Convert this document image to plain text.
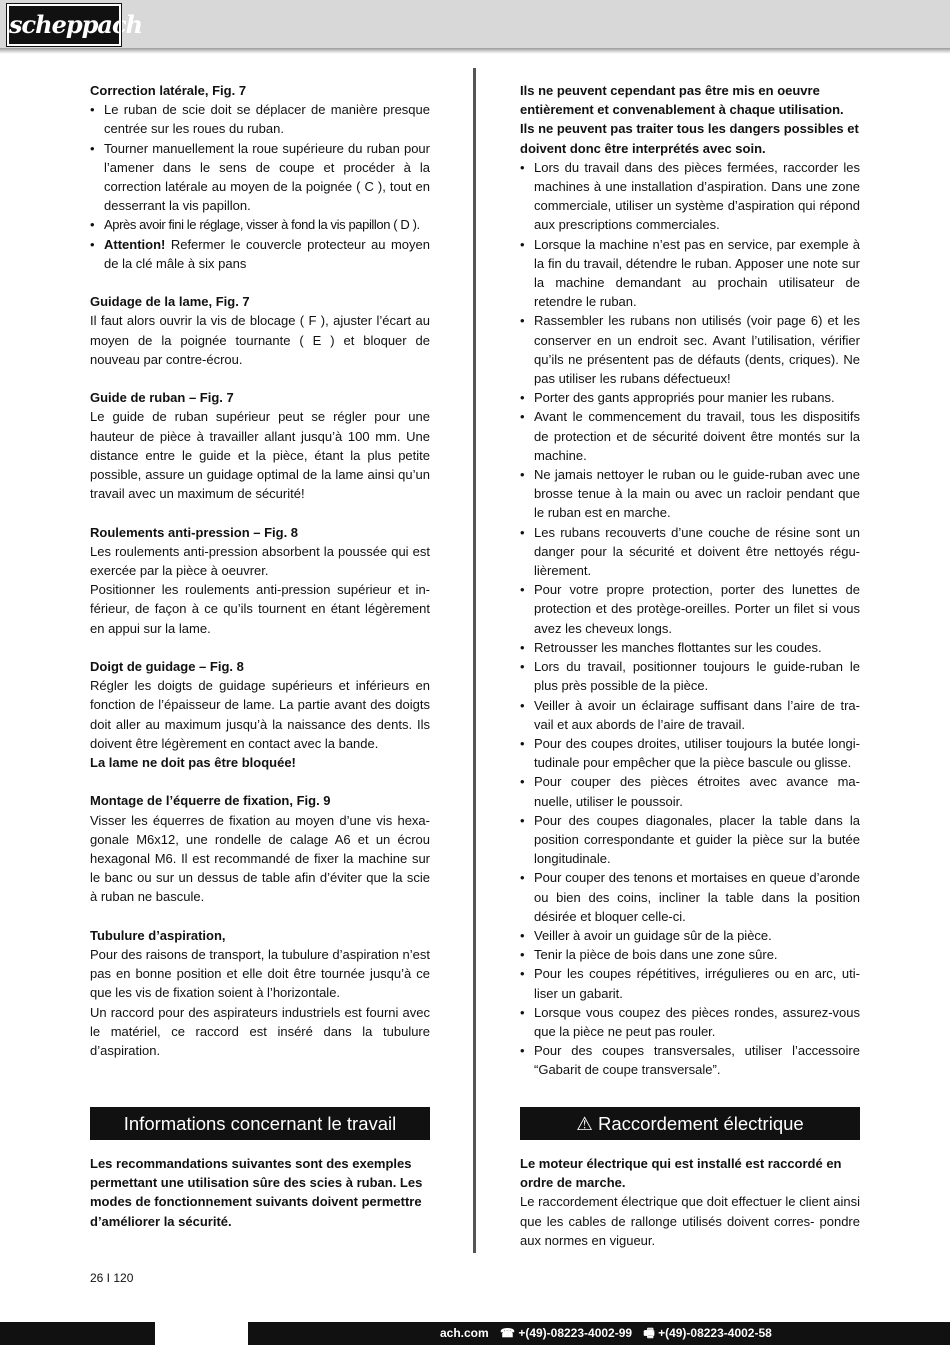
scheppach

Correction latérale, Fig. 7

• Le ruban de scie doit se déplacer de manière presque centrée sur les roues du ruban.
• Tourner manuellement la roue supérieure du ruban pour l’amener dans le sens de coupe et procéder à la correction latérale au moyen de la poignée ( C ), tout en desserrant la vis papillon.
• Après avoir fini le réglage, visser à fond la vis papillon ( D ).
• Attention! Refermer le couvercle protecteur au moyen de la clé mâle à six pans

Guidage de la lame, Fig. 7

Il faut alors ouvrir la vis de blocage ( F ), ajuster l’écart au moyen de la poignée tournante ( E ) et bloquer de nouveau par contre-écrou.

Guide de ruban – Fig. 7

Le guide de ruban supérieur peut se régler pour une hauteur de pièce à travailler allant jusqu’à 100 mm. Une distance entre le guide et la pièce, étant la plus petite possible, assure un guidage optimal de la lame ainsi qu’un travail avec un maximum de sécurité!

Roulements anti-pression – Fig. 8

Les roulements anti-pression absorbent la poussée qui est exercée par la pièce à oeuvrer.

Positionner les roulements anti-pression supérieur et in- férieur, de façon à ce qu’ils tournent en étant légèrement en appui sur la lame.

Doigt de guidage – Fig. 8

Régler les doigts de guidage supérieurs et inférieurs en fonction de l’épaisseur de lame. La partie avant des doigts doit aller au maximum jusqu’à la naissance des dents. Ils doivent être légèrement en contact avec la bande.

La lame ne doit pas être bloquée!

Montage de l’équerre de fixation, Fig. 9

Visser les équerres de fixation au moyen d’une vis hexa- gonale M6x12, une rondelle de calage A6 et un écrou hexagonal M6. Il est recommandé de fixer la machine sur le banc ou sur un dessus de table afin d’éviter que la scie à ruban ne bascule.

Tubulure d’aspiration,

Pour des raisons de transport, la tubulure d’aspiration n’est pas en bonne position et elle doit être tournée jusqu’à ce que les vis de fixation soient à l’horizontale.

Un raccord pour des aspirateurs industriels est fourni avec le matériel, ce raccord est inséré dans la tubulure d’aspiration.

Ils ne peuvent cependant pas être mis en oeuvre entièrement et convenablement à chaque utilisation. Ils ne peuvent pas traiter tous les dangers possibles et doivent donc être interprétés avec soin.

• Lors du travail dans des pièces fermées, raccorder les machines à une installation d’aspiration. Dans une zone commerciale, utiliser un système d’aspiration qui répond aux prescriptions commerciales.
• Lorsque la machine n’est pas en service, par exemple à la fin du travail, détendre le ruban. Apposer une note sur la machine demandant au prochain utilisateur de retendre le ruban.
• Rassembler les rubans non utilisés (voir page 6) et les conserver en un endroit sec. Avant l’utilisation, vérifier qu’ils ne présentent pas de défauts (dents, criques). Ne pas utiliser les rubans défectueux!
• Porter des gants appropriés pour manier les rubans.
• Avant le commencement du travail, tous les dispositifs de protection et de sécurité doivent être montés sur la machine.
• Ne jamais nettoyer le ruban ou le guide-ruban avec une brosse tenue à la main ou avec un racloir pendant que le ruban est en marche.
• Les rubans recouverts d’une couche de résine sont un danger pour la sécurité et doivent être nettoyés régu- lièrement.
• Pour votre propre protection, porter des lunettes de protection et des protège-oreilles. Porter un filet si vous avez les cheveux longs.
• Retrousser les manches flottantes sur les coudes.
• Lors du travail, positionner toujours le guide-ruban le plus près possible de la pièce.
• Veiller à avoir un éclairage suffisant dans l’aire de tra- vail et aux abords de l’aire de travail.
• Pour des coupes droites, utiliser toujours la butée longi- tudinale pour empêcher que la pièce bascule ou glisse.
• Pour couper des pièces étroites avec avance ma- nuelle, utiliser le poussoir.
• Pour des coupes diagonales, placer la table dans la position correspondante et guider la pièce sur la butée longitudinale.
• Pour couper des tenons et mortaises en queue d’aronde ou bien des coins, incliner la table dans la position désirée et bloquer celle-ci.
• Veiller à avoir un guidage sûr de la pièce.
• Tenir la pièce de bois dans une zone sûre.
• Pour les coupes répétitives, irrégulieres ou en arc, uti- liser un gabarit.
• Lorsque vous coupez des pièces rondes, assurez-vous que la pièce ne peut pas rouler.
• Pour des coupes transversales, utiliser l’accessoire “Gabarit de coupe transversale”.
Informations concernant le travail	⚠ Raccordement électrique
Les recommandations suivantes sont des exemples permettant une utilisation sûre des scies à ruban. Les modes de fonctionnement suivants doivent permettre d’améliorer la sécurité.
Le moteur électrique qui est installé est raccordé en ordre de marche.
Le raccordement électrique que doit effectuer le client ainsi que les cables de rallonge utilisés doivent corres- pondre aux normes en vigueur.
26 I 120
ach.com ☎ +(49)-08223-4002-99 🖷 +(49)-08223-4002-58
